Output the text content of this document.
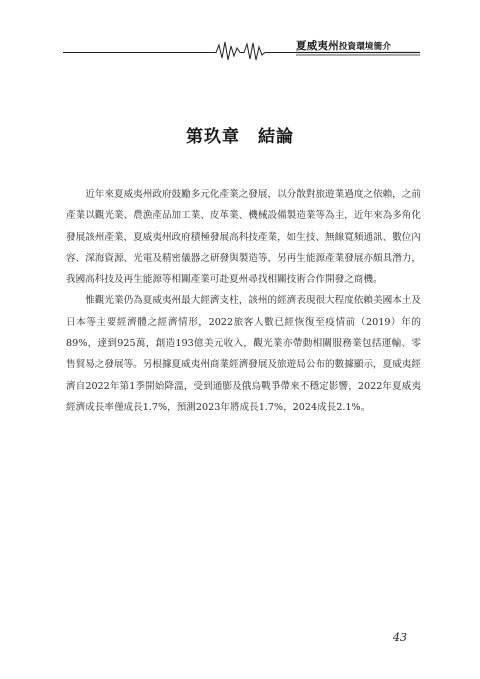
夏威夷州投資環境簡介
第玖章　結論

近年來夏威夷州政府鼓勵多元化產業之發展，以分散對旅遊業過度之依賴，之前產業以觀光業、農漁產品加工業、皮革業、機械設備製造業等為主，近年來為多角化發展該州產業，夏威夷州政府積極發展高科技產業，如生技、無線寬頻通訊、數位內容、深海資源、光電及精密儀器之研發與製造等，另再生能源產業發展亦頗具潛力，我國高科技及再生能源等相關產業可赴夏州尋找相關技術合作開發之商機。

惟觀光業仍為夏威夷州最大經濟支柱，該州的經濟表現很大程度依賴美國本土及日本等主要經濟體之經濟情形，2022旅客人數已經恢復至疫情前（2019）年的89%，達到925萬，創造193億美元收入，觀光業亦帶動相關服務業包括運輸、零售貿易之發展等。另根據夏威夷州商業經濟發展及旅遊局公布的數據顯示，夏威夷經濟自2022年第1季開始降溫，受到通膨及俄烏戰爭帶來不穩定影響，2022年夏威夷經濟成長率僅成長1.7%，預測2023年將成長1.7%，2024成長2.1%。

43
